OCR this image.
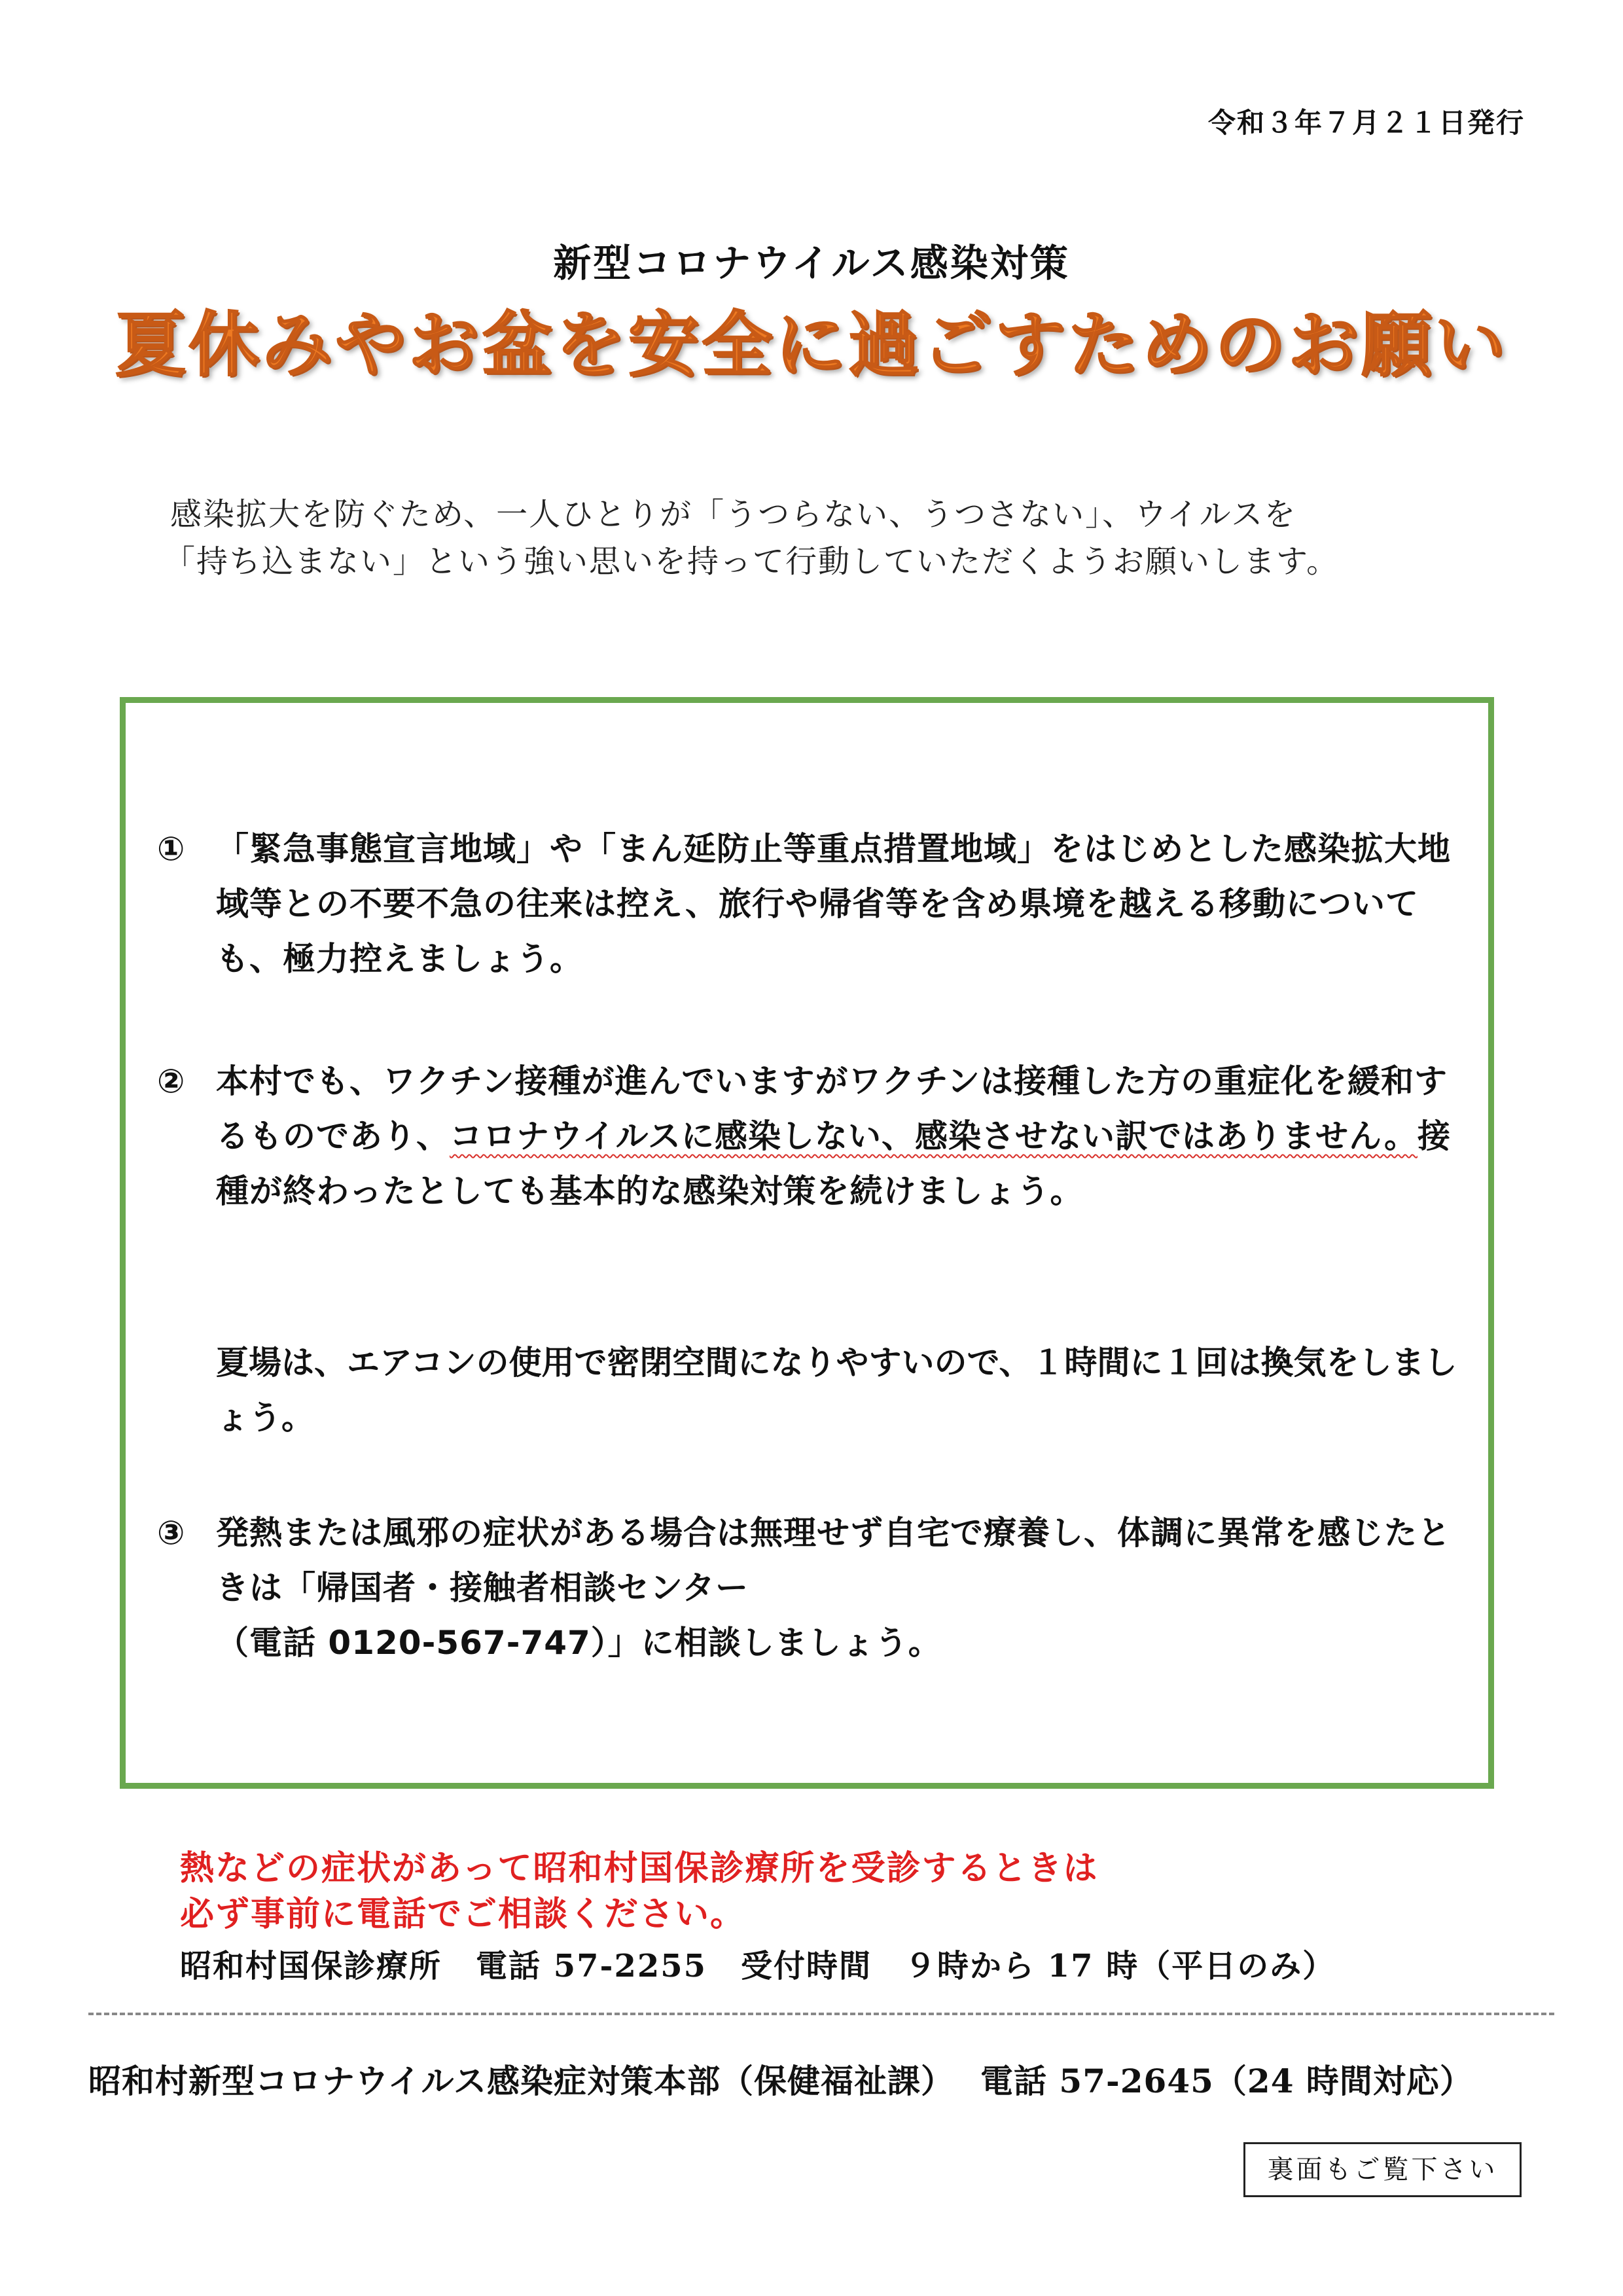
令和３年７月２１日発行
新型コロナウイルス感染対策
夏休みやお盆を安全に過ごすためのお願い
感染拡大を防ぐため、一人ひとりが「うつらない、うつさない」、ウイルスを
「持ち込まない」という強い思いを持って行動していただくようお願いします。
① 「緊急事態宣言地域」や「まん延防止等重点措置地域」をはじめとした感染拡大地域等との不要不急の往来は控え、旅行や帰省等を含め県境を越える移動についても、極力控えましょう。
② 本村でも、ワクチン接種が進んでいますがワクチンは接種した方の重症化を緩和するものであり、コロナウイルスに感染しない、感染させない訳ではありません。接種が終わったとしても基本的な感染対策を続けましょう。
夏場は、エアコンの使用で密閉空間になりやすいので、１時間に１回は換気をしましょう。
③ 発熱または風邪の症状がある場合は無理せず自宅で療養し、体調に異常を感じたときは「帰国者・接触者相談センター
（電話 0120-567-747）」に相談しましょう。
熱などの症状があって昭和村国保診療所を受診するときは
必ず事前に電話でご相談ください。
昭和村国保診療所 電話 57-2255 受付時間　９時から 17 時（平日のみ）
昭和村新型コロナウイルス感染症対策本部（保健福祉課） 電話 57-2645（24 時間対応）
裏面もご覧下さい
